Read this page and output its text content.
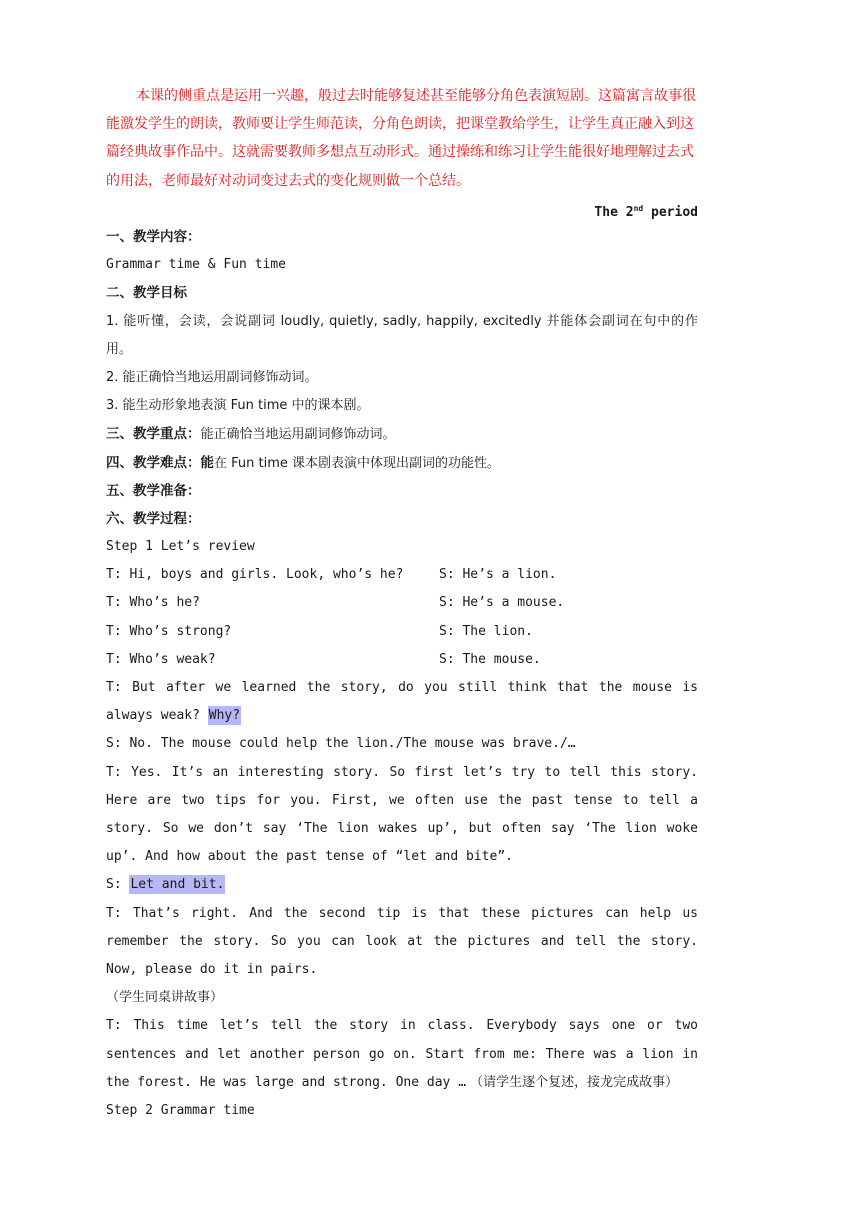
本课的侧重点是运用一兴趣，般过去时能够复述甚至能够分角色表演短剧。这篇寓言故事很能激发学生的朗读，教师要让学生师范读，分角色朗读，把课堂教给学生，让学生真正融入到这篇经典故事作品中。这就需要教师多想点互动形式。通过操练和练习让学生能很好地理解过去式的用法，老师最好对动词变过去式的变化规则做一个总结。

The 2nd period
一、教学内容：
Grammar time & Fun time
二、教学目标
1. 能听懂，会读，会说副词 loudly, quietly, sadly, happily, excitedly 并能体会副词在句中的作用。
2. 能正确恰当地运用副词修饰动词。
3. 能生动形象地表演 Fun time 中的课本剧。
三、教学重点：能正确恰当地运用副词修饰动词。
四、教学难点：能在 Fun time 课本剧表演中体现出副词的功能性。
五、教学准备：
六、教学过程：
Step 1 Let’s review
T: Hi, boys and girls. Look, who’s he?	S: He’s a lion.
T: Who’s he?	S: He’s a mouse.
T: Who’s strong?	S: The lion.
T: Who’s weak?	S: The mouse.
T: But after we learned the story, do you still think that the mouse is always weak? Why?
S: No. The mouse could help the lion./The mouse was brave./…
T: Yes. It’s an interesting story. So first let’s try to tell this story. Here are two tips for you. First, we often use the past tense to tell a story. So we don’t say ‘The lion wakes up’, but often say ‘The lion woke up’. And how about the past tense of “let and bite”.
S: Let and bit.
T: That’s right. And the second tip is that these pictures can help us remember the story. So you can look at the pictures and tell the story. Now, please do it in pairs.
（学生同桌讲故事）
T: This time let’s tell the story in class. Everybody says one or two sentences and let another person go on. Start from me: There was a lion in the forest. He was large and strong. One day … （请学生逐个复述，接龙完成故事）
Step 2 Grammar time
